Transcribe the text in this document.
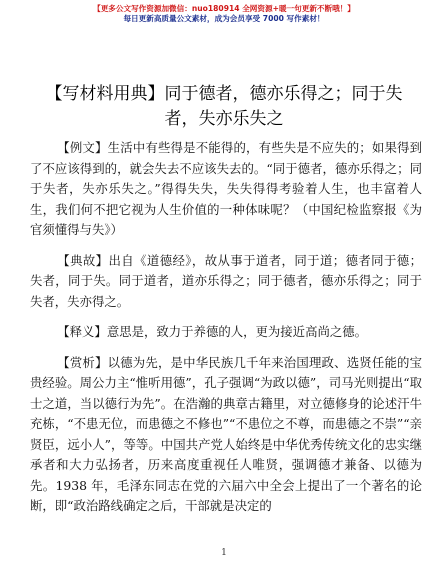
【更多公文写作资源加微信：nuo180914 全网资源+暖一句更新不断哦！】
每日更新高质量公文素材，成为会员享受 7000 写作素材！
【写材料用典】同于德者，德亦乐得之；同于失者，失亦乐失之

【例文】生活中有些得是不能得的，有些失是不应失的；如果得到了不应该得到的，就会失去不应该失去的。“同于德者，德亦乐得之；同于失者，失亦乐失之。”得得失失，失失得得考验着人生，也丰富着人生，我们何不把它视为人生价值的一种体味呢？（中国纪检监察报《为官须懂得与失》）

【典故】出自《道德经》，故从事于道者，同于道；德者同于德；失者，同于失。同于道者，道亦乐得之；同于德者，德亦乐得之；同于失者，失亦得之。

【释义】意思是，致力于养德的人，更为接近高尚之德。

【赏析】以德为先，是中华民族几千年来治国理政、选贤任能的宝贵经验。周公力主“惟听用德”，孔子强调“为政以德”，司马光则提出“取士之道，当以德行为先”。在浩瀚的典章古籍里，对立德修身的论述汗牛充栋，“不患无位，而患德之不修也”“不患位之不尊，而患德之不崇”“亲贤臣，远小人”，等等。中国共产党人始终是中华优秀传统文化的忠实继承者和大力弘扬者，历来高度重视任人唯贤，强调德才兼备、以德为先。1938 年，毛泽东同志在党的六届六中全会上提出了一个著名的论断，即“政治路线确定之后，干部就是决定的

1
